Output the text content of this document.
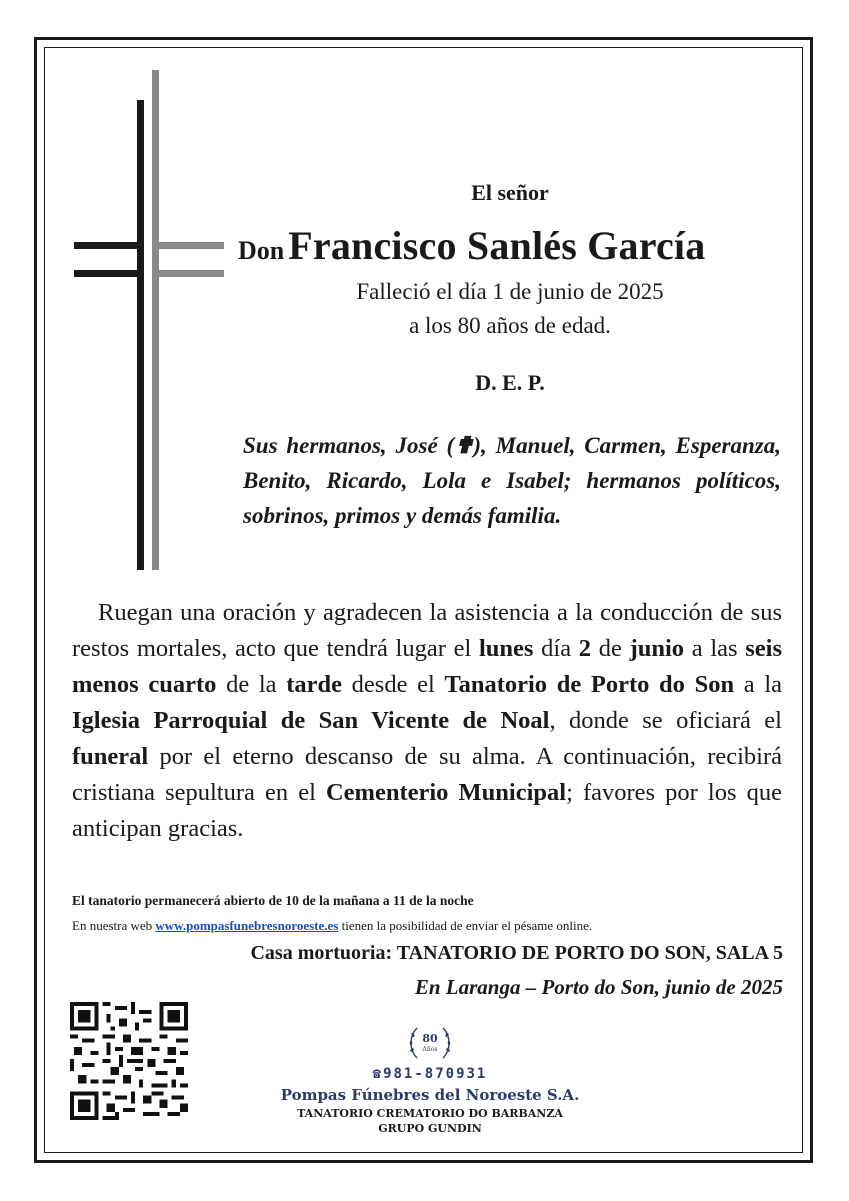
El señor
Don Francisco Sanlés García
Falleció el día 1 de junio de 2025
a los 80 años de edad.
D. E. P.
Sus hermanos, José (✟), Manuel, Carmen, Esperanza, Benito, Ricardo, Lola e Isabel; hermanos políticos, sobrinos, primos y demás familia.
Ruegan una oración y agradecen la asistencia a la conducción de sus restos mortales, acto que tendrá lugar el lunes día 2 de junio a las seis menos cuarto de la tarde desde el Tanatorio de Porto do Son a la Iglesia Parroquial de San Vicente de Noal, donde se oficiará el funeral por el eterno descanso de su alma. A continuación, recibirá cristiana sepultura en el Cementerio Municipal; favores por los que anticipan gracias.
El tanatorio permanecerá abierto de 10 de la mañana a 11 de la noche
En nuestra web www.pompasfunebresnoroeste.es tienen la posibilidad de enviar el pésame online.
Casa mortuoria: TANATORIO DE PORTO DO SON, SALA 5
En Laranga – Porto do Son, junio de 2025
80
Años
☎981-870931
Pompas Fúnebres del Noroeste S.A.
TANATORIO CREMATORIO DO BARBANZA
GRUPO GUNDIN
